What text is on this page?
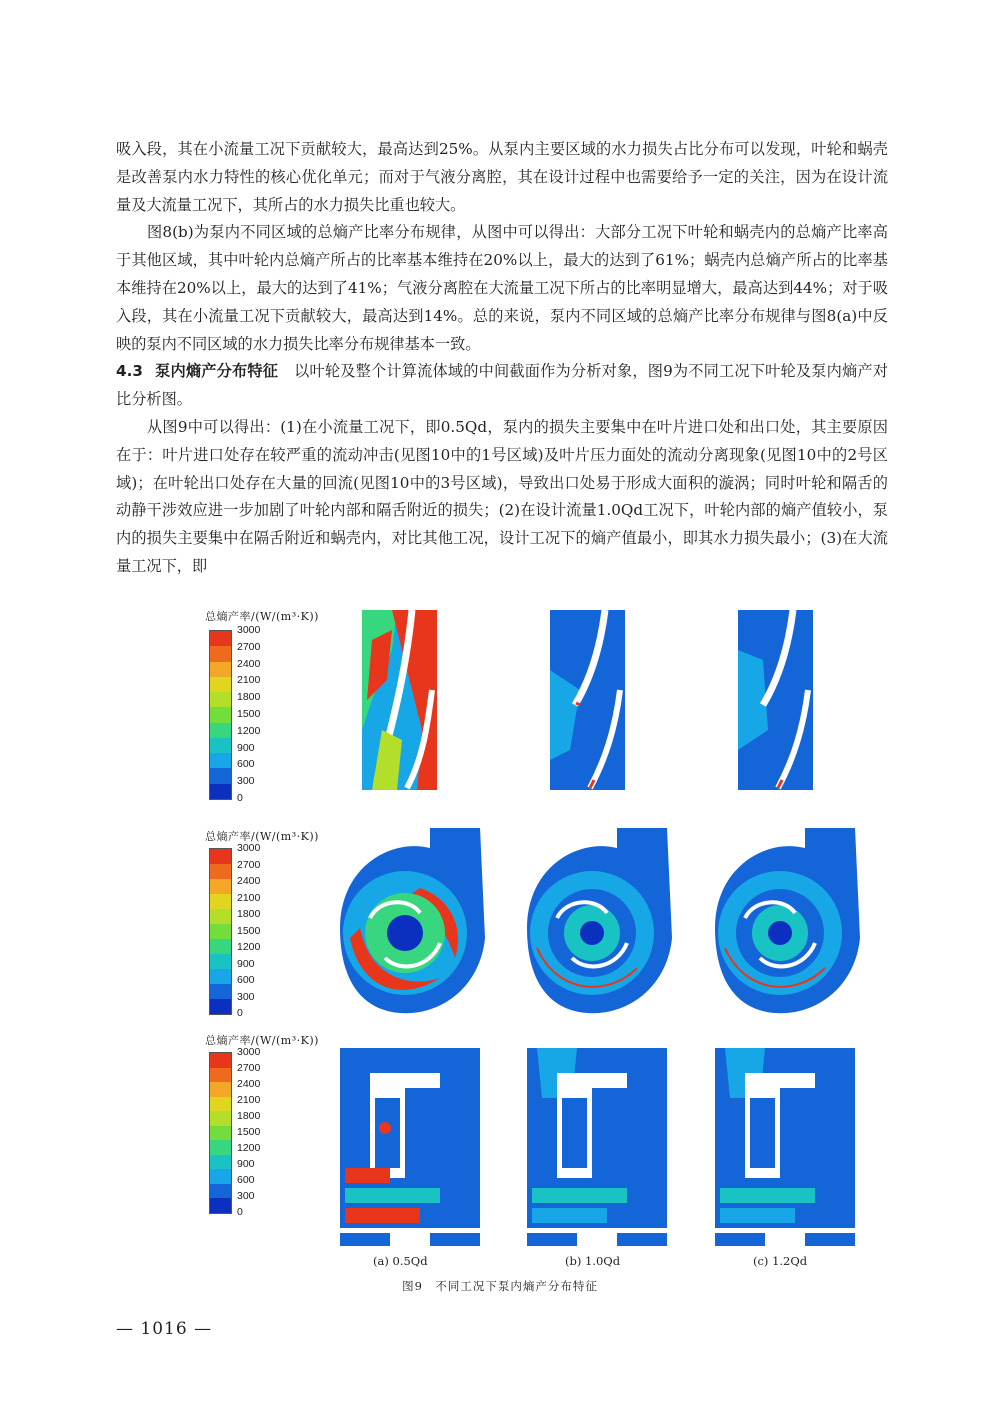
吸入段，其在小流量工况下贡献较大，最高达到25%。从泵内主要区域的水力损失占比分布可以发现，叶轮和蜗壳是改善泵内水力特性的核心优化单元；而对于气液分离腔，其在设计过程中也需要给予一定的关注，因为在设计流量及大流量工况下，其所占的水力损失比重也较大。

图8(b)为泵内不同区域的总熵产比率分布规律，从图中可以得出：大部分工况下叶轮和蜗壳内的总熵产比率高于其他区域，其中叶轮内总熵产所占的比率基本维持在20%以上，最大的达到了61%；蜗壳内总熵产所占的比率基本维持在20%以上，最大的达到了41%；气液分离腔在大流量工况下所占的比率明显增大，最高达到44%；对于吸入段，其在小流量工况下贡献较大，最高达到14%。总的来说，泵内不同区域的总熵产比率分布规律与图8(a)中反映的泵内不同区域的水力损失比率分布规律基本一致。

4.3 泵内熵产分布特征 以叶轮及整个计算流体域的中间截面作为分析对象，图9为不同工况下叶轮及泵内熵产对比分析图。

从图9中可以得出：(1)在小流量工况下，即0.5Qd，泵内的损失主要集中在叶片进口处和出口处，其主要原因在于：叶片进口处存在较严重的流动冲击(见图10中的1号区域)及叶片压力面处的流动分离现象(见图10中的2号区域)；在叶轮出口处存在大量的回流(见图10中的3号区域)，导致出口处易于形成大面积的漩涡；同时叶轮和隔舌的动静干涉效应进一步加剧了叶轮内部和隔舌附近的损失；(2)在设计流量1.0Qd工况下，叶轮内部的熵产值较小，泵内的损失主要集中在隔舌附近和蜗壳内，对比其他工况，设计工况下的熵产值最小，即其水力损失最小；(3)在大流量工况下，即

总熵产率/(W/(m³·K))
3000
2700
2400
2100
1800
1500
1200
900
600
300
0
总熵产率/(W/(m³·K))
3000
2700
2400
2100
1800
1500
1200
900
600
300
0
总熵产率/(W/(m³·K))
3000
2700
2400
2100
1800
1500
1200
900
600
300
0
(a) 0.5Qd	(b) 1.0Qd	(c) 1.2Qd
图9　不同工况下泵内熵产分布特征
— 1016 —
